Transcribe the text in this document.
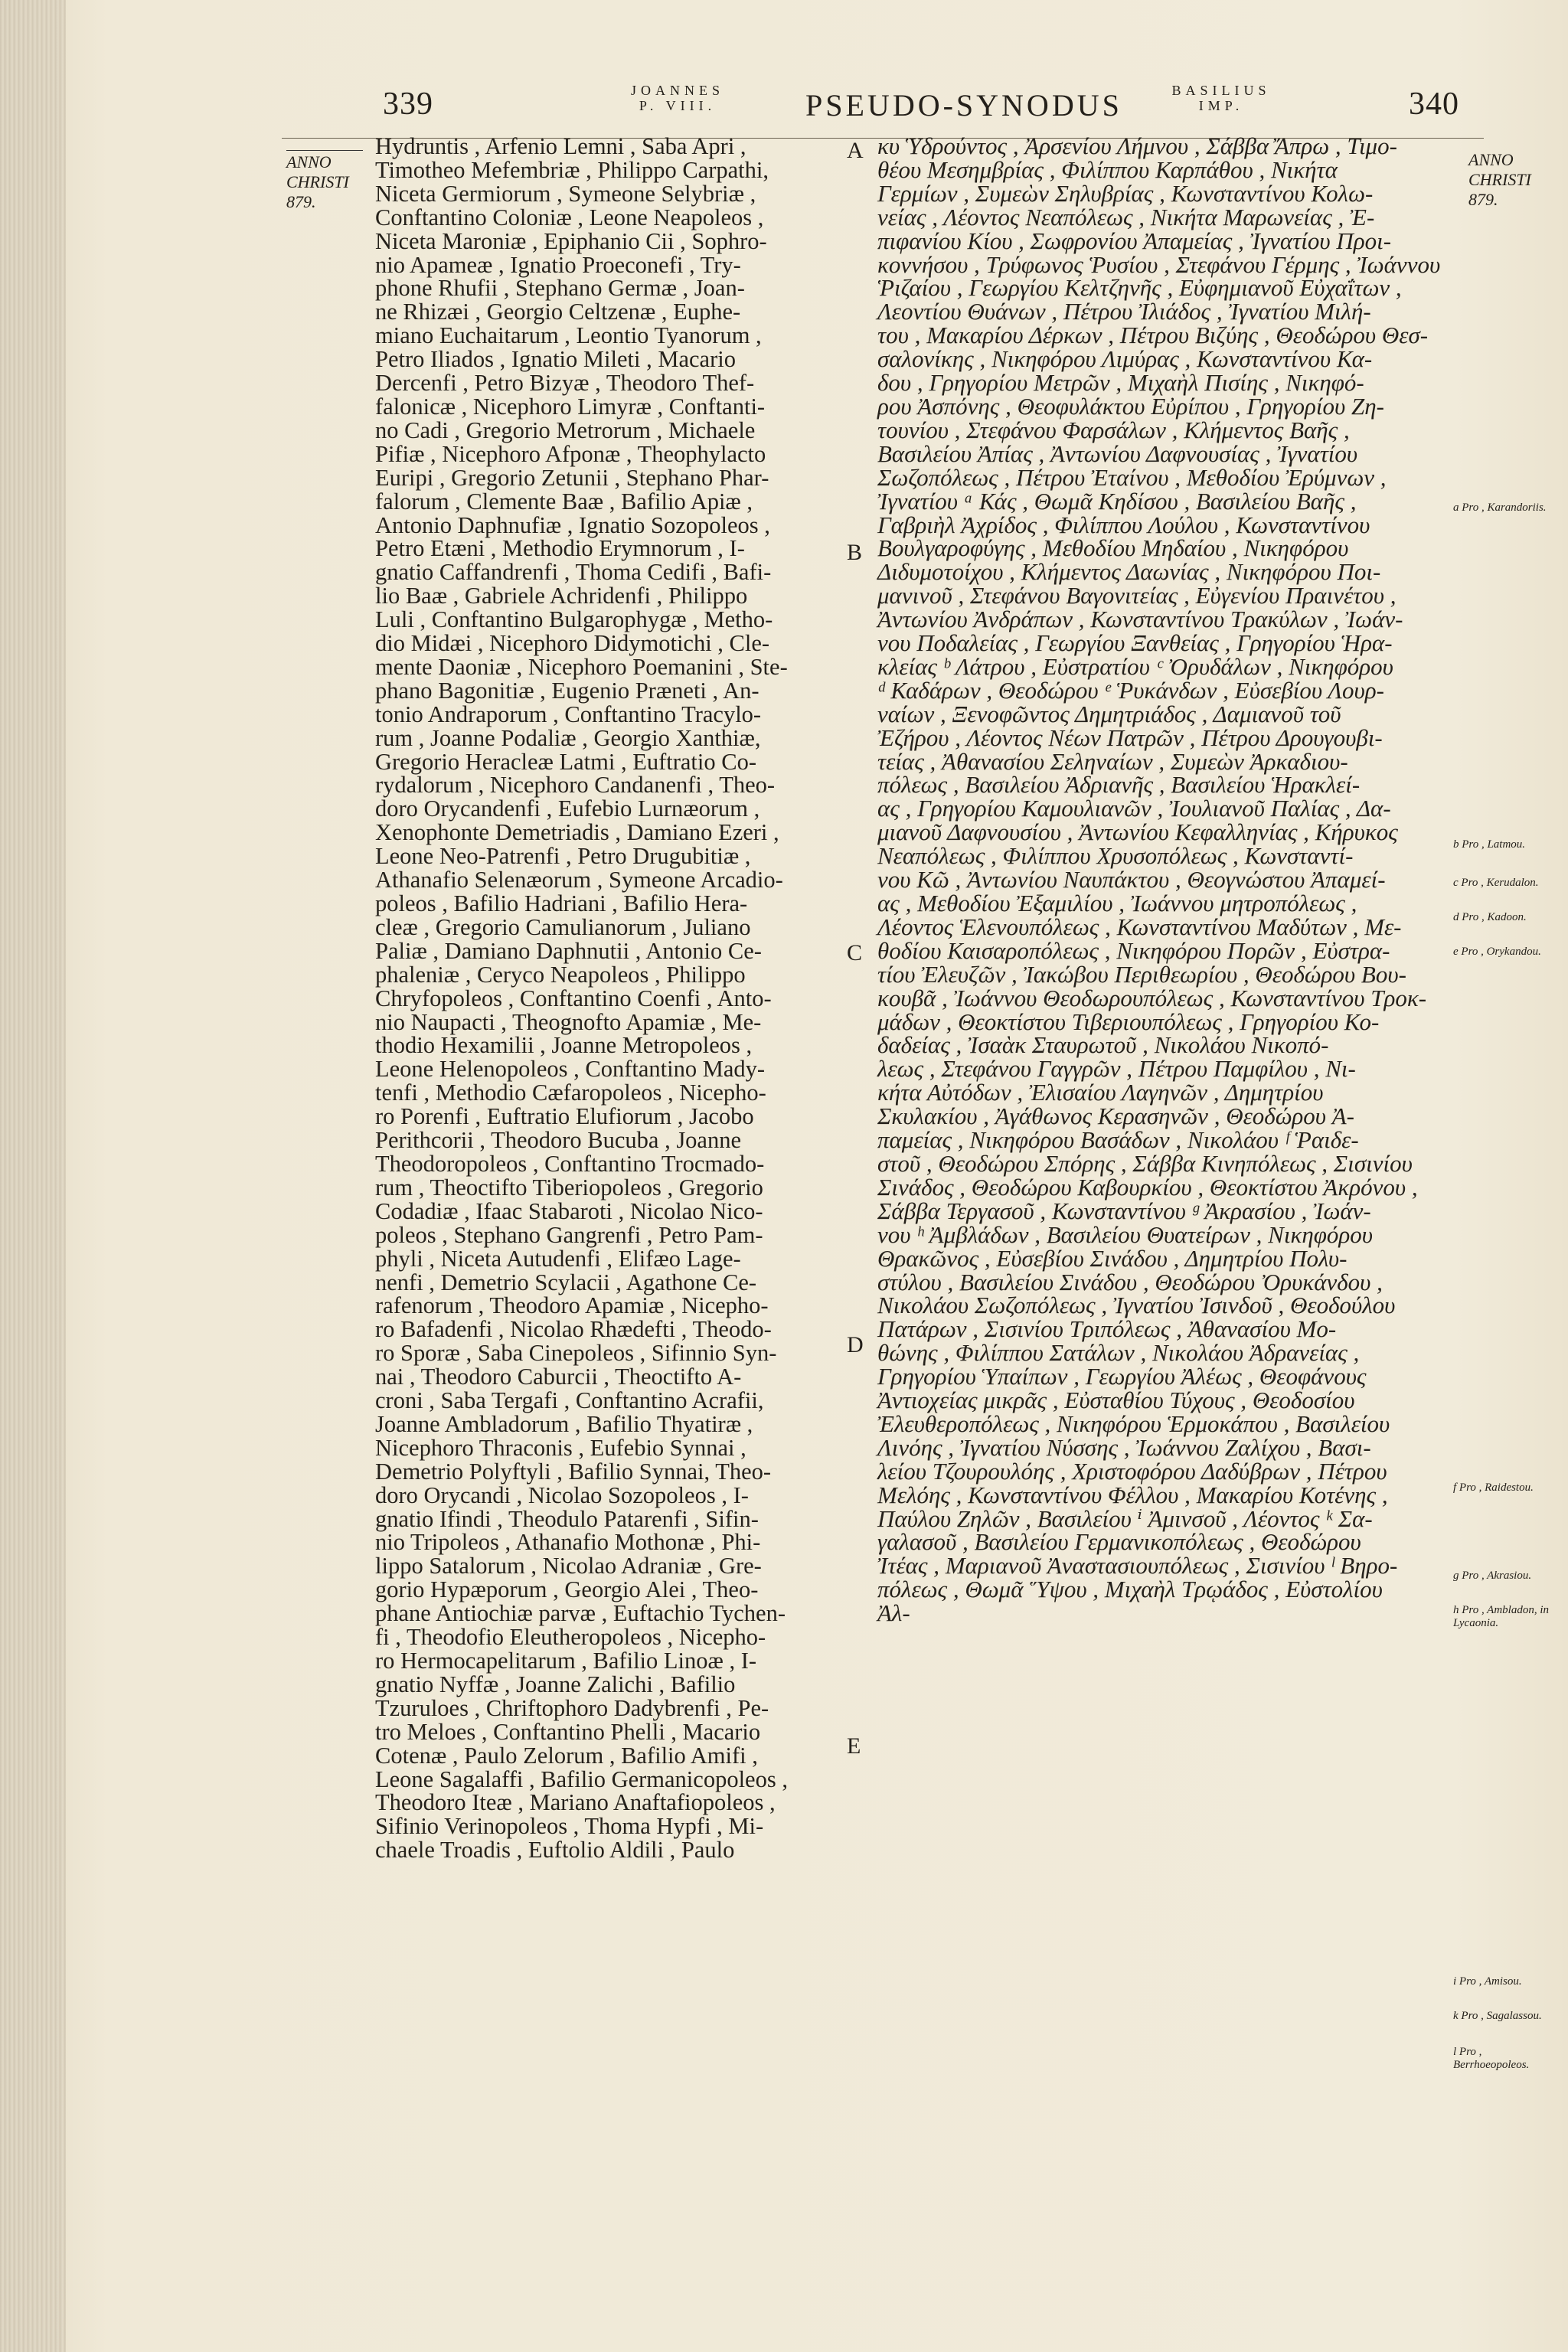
339	JOANNES
P. VIII.	PSEUDO-SYNODUS	BASILIUS
IMP.	340
ANNO
CHRISTI
879.
ANNO
CHRISTI
879.
Hydruntis , Arfenio Lemni , Saba Apri ,
Timotheo Mefembriæ , Philippo Carpathi,
Niceta Germiorum , Symeone Selybriæ ,
Conftantino Coloniæ , Leone Neapoleos ,
Niceta Maroniæ , Epiphanio Cii , Sophro-
nio Apameæ , Ignatio Proeconefi , Try-
phone Rhufii , Stephano Germæ , Joan-
ne Rhizæi , Georgio Celtzenæ , Euphe-
miano Euchaitarum , Leontio Tyanorum ,
Petro Iliados , Ignatio Mileti , Macario
Dercenfi , Petro Bizyæ , Theodoro Thef-
falonicæ , Nicephoro Limyræ , Conftanti-
no Cadi , Gregorio Metrorum , Michaele
Pifiæ , Nicephoro Afponæ , Theophylacto
Euripi , Gregorio Zetunii , Stephano Phar-
falorum , Clemente Baæ , Bafilio Apiæ ,
Antonio Daphnufiæ , Ignatio Sozopoleos ,
Petro Etæni , Methodio Erymnorum , I-
gnatio Caffandrenfi , Thoma Cedifi , Bafi-
lio Baæ , Gabriele Achridenfi , Philippo
Luli , Conftantino Bulgarophygæ , Metho-
dio Midæi , Nicephoro Didymotichi , Cle-
mente Daoniæ , Nicephoro Poemanini , Ste-
phano Bagonitiæ , Eugenio Præneti , An-
tonio Andraporum , Conftantino Tracylo-
rum , Joanne Podaliæ , Georgio Xanthiæ,
Gregorio Heracleæ Latmi , Euftratio Co-
rydalorum , Nicephoro Candanenfi , Theo-
doro Orycandenfi , Eufebio Lurnæorum ,
Xenophonte Demetriadis , Damiano Ezeri ,
Leone Neo-Patrenfi , Petro Drugubitiæ ,
Athanafio Selenæorum , Symeone Arcadio-
poleos , Bafilio Hadriani , Bafilio Hera-
cleæ , Gregorio Camulianorum , Juliano
Paliæ , Damiano Daphnutii , Antonio Ce-
phaleniæ , Ceryco Neapoleos , Philippo
Chryfopoleos , Conftantino Coenfi , Anto-
nio Naupacti , Theognofto Apamiæ , Me-
thodio Hexamilii , Joanne Metropoleos ,
Leone Helenopoleos , Conftantino Mady-
tenfi , Methodio Cæfaropoleos , Nicepho-
ro Porenfi , Euftratio Elufiorum , Jacobo
Perithcorii , Theodoro Bucuba , Joanne
Theodoropoleos , Conftantino Trocmado-
rum , Theoctifto Tiberiopoleos , Gregorio
Codadiæ , Ifaac Stabaroti , Nicolao Nico-
poleos , Stephano Gangrenfi , Petro Pam-
phyli , Niceta Autudenfi , Elifæo Lage-
nenfi , Demetrio Scylacii , Agathone Ce-
rafenorum , Theodoro Apamiæ , Nicepho-
ro Bafadenfi , Nicolao Rhædefti , Theodo-
ro Sporæ , Saba Cinepoleos , Sifinnio Syn-
nai , Theodoro Caburcii , Theoctifto A-
croni , Saba Tergafi , Conftantino Acrafii,
Joanne Ambladorum , Bafilio Thyatiræ ,
Nicephoro Thraconis , Eufebio Synnai ,
Demetrio Polyftyli , Bafilio Synnai, Theo-
doro Orycandi , Nicolao Sozopoleos , I-
gnatio Ifindi , Theodulo Patarenfi , Sifin-
nio Tripoleos , Athanafio Mothonæ , Phi-
lippo Satalorum , Nicolao Adraniæ , Gre-
gorio Hypæporum , Georgio Alei , Theo-
phane Antiochiæ parvæ , Euftachio Tychen-
fi , Theodofio Eleutheropoleos , Nicepho-
ro Hermocapelitarum , Bafilio Linoæ , I-
gnatio Nyffæ , Joanne Zalichi , Bafilio
Tzuruloes , Chriftophoro Dadybrenfi , Pe-
tro Meloes , Conftantino Phelli , Macario
Cotenæ , Paulo Zelorum , Bafilio Amifi ,
Leone Sagalaffi , Bafilio Germanicopoleos ,
Theodoro Iteæ , Mariano Anaftafiopoleos ,
Sifinio Verinopoleos , Thoma Hypfi , Mi-
chaele Troadis , Euftolio Aldili , Paulo
A
B
C
D
E
κυ Ὑδρούντος , Ἀρσενίου Λήμνου , Σάββα Ἄπρω , Τιμο-
θέου Μεσημβρίας , Φιλίππου Καρπάθου , Νικήτα
Γερμίων , Συμεὼν Σηλυβρίας , Κωνσταντίνου Κολω-
νείας , Λέοντος Νεαπόλεως , Νικήτα Μαρωνείας , Ἐ-
πιφανίου Κίου , Σωφρονίου Ἀπαμείας , Ἰγνατίου Προι-
κοννήσου , Τρύφωνος Ῥυσίου , Στεφάνου Γέρμης , Ἰωάννου
Ῥιζαίου , Γεωργίου Κελτζηνῆς , Εὐφημιανοῦ Εὐχαΐτων ,
Λεοντίου Θυάνων , Πέτρου Ἰλιάδος , Ἰγνατίου Μιλή-
του , Μακαρίου Δέρκων , Πέτρου Βιζύης , Θεοδώρου Θεσ-
σαλονίκης , Νικηφόρου Λιμύρας , Κωνσταντίνου Κα-
δου , Γρηγορίου Μετρῶν , Μιχαὴλ Πισίης , Νικηφό-
ρου Ἀσπόνης , Θεοφυλάκτου Εὐρίπου , Γρηγορίου Ζη-
τουνίου , Στεφάνου Φαρσάλων , Κλήμεντος Βαῆς ,
Βασιλείου Ἀπίας , Ἀντωνίου Δαφνουσίας , Ἰγνατίου
Σωζοπόλεως , Πέτρου Ἐταίνου , Μεθοδίου Ἐρύμνων ,
Ἰγνατίου ᵃ Κάς , Θωμᾶ Κηδίσου , Βασιλείου Βαῆς ,
Γαβριὴλ Ἀχρίδος , Φιλίππου Λούλου , Κωνσταντίνου
Βουλγαροφύγης , Μεθοδίου Μηδαίου , Νικηφόρου
Διδυμοτοίχου , Κλήμεντος Δαωνίας , Νικηφόρου Ποι-
μανινοῦ , Στεφάνου Βαγονιτείας , Εὐγενίου Πραινέτου ,
Ἀντωνίου Ἀνδράπων , Κωνσταντίνου Τρακύλων , Ἰωάν-
νου Ποδαλείας , Γεωργίου Ξανθείας , Γρηγορίου Ἡρα-
κλείας ᵇ Λάτρου , Εὐστρατίου ᶜ Ὀρυδάλων , Νικηφόρου
ᵈ Καδάρων , Θεοδώρου ᵉ Ῥυκάνδων , Εὐσεβίου Λουρ-
ναίων , Ξενοφῶντος Δημητριάδος , Δαμιανοῦ τοῦ
Ἐζήρου , Λέοντος Νέων Πατρῶν , Πέτρου Δρουγουβι-
τείας , Ἀθανασίου Σεληναίων , Συμεὼν Ἀρκαδιου-
πόλεως , Βασιλείου Ἀδριανῆς , Βασιλείου Ἡρακλεί-
ας , Γρηγορίου Καμουλιανῶν , Ἰουλιανοῦ Παλίας , Δα-
μιανοῦ Δαφνουσίου , Ἀντωνίου Κεφαλληνίας , Κήρυκος
Νεαπόλεως , Φιλίππου Χρυσοπόλεως , Κωνσταντί-
νου Κῶ , Ἀντωνίου Ναυπάκτου , Θεογνώστου Ἀπαμεί-
ας , Μεθοδίου Ἐξαμιλίου , Ἰωάννου μητροπόλεως ,
Λέοντος Ἑλενουπόλεως , Κωνσταντίνου Μαδύτων , Με-
θοδίου Καισαροπόλεως , Νικηφόρου Πορῶν , Εὐστρα-
τίου Ἐλευζῶν , Ἰακώβου Περιθεωρίου , Θεοδώρου Βου-
κουβᾶ , Ἰωάννου Θεοδωρουπόλεως , Κωνσταντίνου Τροκ-
μάδων , Θεοκτίστου Τιβεριουπόλεως , Γρηγορίου Κο-
δαδείας , Ἰσαὰκ Σταυρωτοῦ , Νικολάου Νικοπό-
λεως , Στεφάνου Γαγγρῶν , Πέτρου Παμφίλου , Νι-
κήτα Αὐτόδων , Ἐλισαίου Λαγηνῶν , Δημητρίου
Σκυλακίου , Ἀγάθωνος Κερασηνῶν , Θεοδώρου Ἀ-
παμείας , Νικηφόρου Βασάδων , Νικολάου ᶠ Ῥαιδε-
στοῦ , Θεοδώρου Σπόρης , Σάββα Κινηπόλεως , Σισινίου
Σινάδος , Θεοδώρου Καβουρκίου , Θεοκτίστου Ἀκρόνου ,
Σάββα Τεργασοῦ , Κωνσταντίνου ᵍ Ἀκρασίου , Ἰωάν-
νου ʰ Ἀμβλάδων , Βασιλείου Θυατείρων , Νικηφόρου
Θρακῶνος , Εὐσεβίου Σινάδου , Δημητρίου Πολυ-
στύλου , Βασιλείου Σινάδου , Θεοδώρου Ὀρυκάνδου ,
Νικολάου Σωζοπόλεως , Ἰγνατίου Ἰσινδοῦ , Θεοδούλου
Πατάρων , Σισινίου Τριπόλεως , Ἀθανασίου Μο-
θώνης , Φιλίππου Σατάλων , Νικολάου Ἀδρανείας ,
Γρηγορίου Ὑπαίπων , Γεωργίου Ἀλέως , Θεοφάνους
Ἀντιοχείας μικρᾶς , Εὐσταθίου Τύχους , Θεοδοσίου
Ἐλευθεροπόλεως , Νικηφόρου Ἑρμοκάπου , Βασιλείου
Λινόης , Ἰγνατίου Νύσσης , Ἰωάννου Ζαλίχου , Βασι-
λείου Τζουρουλόης , Χριστοφόρου Δαδύβρων , Πέτρου
Μελόης , Κωνσταντίνου Φέλλου , Μακαρίου Κοτένης ,
Παύλου Ζηλῶν , Βασιλείου ⁱ Ἀμινσοῦ , Λέοντος ᵏ Σα-
γαλασοῦ , Βασιλείου Γερμανικοπόλεως , Θεοδώρου
Ἰτέας , Μαριανοῦ Ἀναστασιουπόλεως , Σισινίου ˡ Βηρο-
πόλεως , Θωμᾶ Ὕψου , Μιχαὴλ Τρῳάδος , Εὐστολίου
Ἀλ-
a Pro , Karandoriis.
b Pro , Latmou.
c Pro , Kerudalon.
d Pro , Kadoon.
e Pro , Orykandou.
f Pro , Raidestou.
g Pro , Akrasiou.
h Pro , Ambladon, in Lycaonia.
i Pro , Amisou.
k Pro , Sagalassou.
l Pro , Berrhoeopoleos.
